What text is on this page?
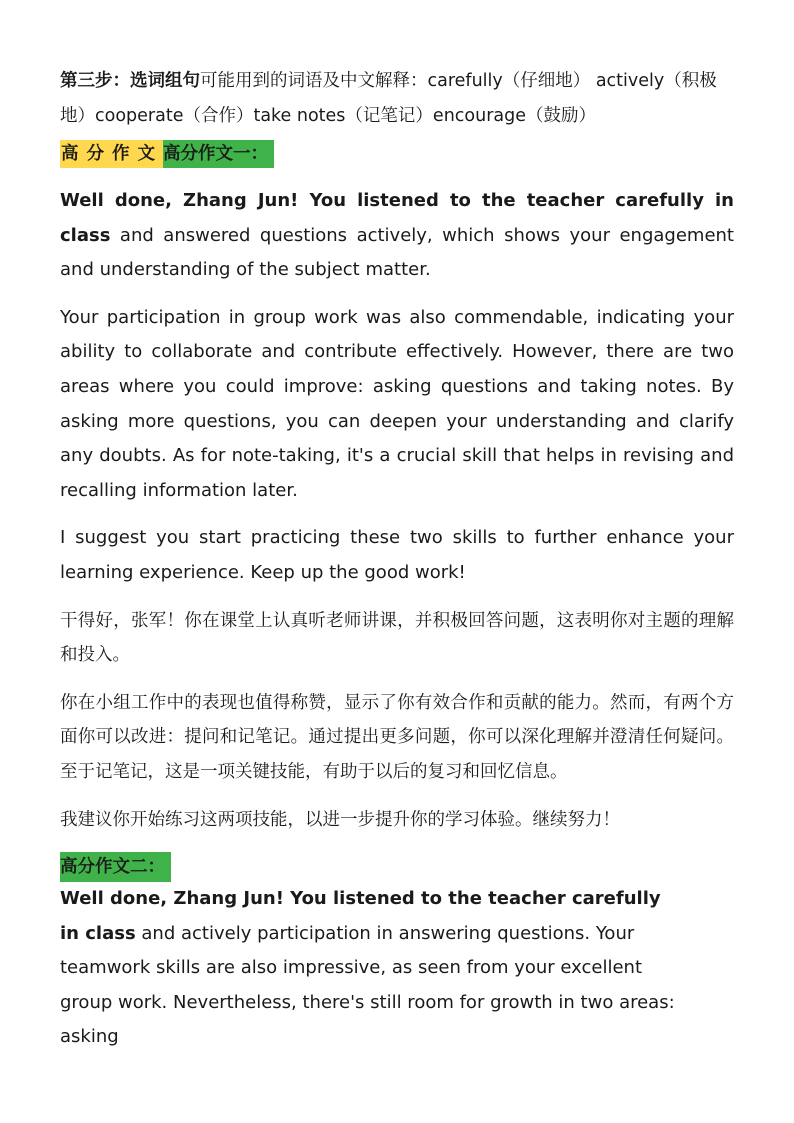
第三步：选词组句可能用到的词语及中文解释：carefully（仔细地） actively（积极地）cooperate（合作）take notes（记笔记）encourage（鼓励）

高分作文 高分作文一：

Well done, Zhang Jun! You listened to the teacher carefully in class and answered questions actively, which shows your engagement and understanding of the subject matter.

Your participation in group work was also commendable, indicating your ability to collaborate and contribute effectively. However, there are two areas where you could improve: asking questions and taking notes. By asking more questions, you can deepen your understanding and clarify any doubts. As for note-taking, it's a crucial skill that helps in revising and recalling information later.

I suggest you start practicing these two skills to further enhance your learning experience. Keep up the good work!

干得好，张军！你在课堂上认真听老师讲课，并积极回答问题，这表明你对主题的理解和投入。

你在小组工作中的表现也值得称赞，显示了你有效合作和贡献的能力。然而，有两个方面你可以改进：提问和记笔记。通过提出更多问题，你可以深化理解并澄清任何疑问。至于记笔记，这是一项关键技能，有助于以后的复习和回忆信息。

我建议你开始练习这两项技能，以进一步提升你的学习体验。继续努力！

高分作文二：

Well done, Zhang Jun! You listened to the teacher carefully in class and actively participation in answering questions. Your teamwork skills are also impressive, as seen from your excellent group work. Nevertheless, there's still room for growth in two areas: asking
